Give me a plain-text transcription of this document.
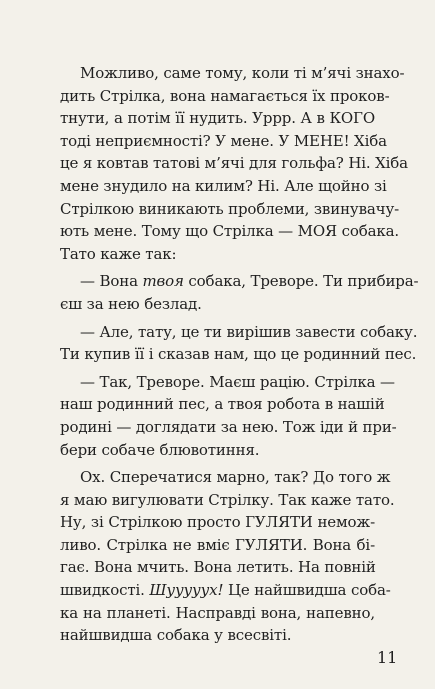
Можливо, саме тому, коли ті м’ячі знахо-
дить Стрілка, вона намагається їх проков-
тнути, а потім її нудить. Уррр. А в КОГО
тоді неприємності? У мене. У МЕНЕ! Хіба
це я ковтав татові м’ячі для гольфа? Ні. Хіба
мене знудило на килим? Ні. Але щойно зі
Стрілкою виникають проблеми, звинувачу-
ють мене. Тому що Стрілка — МОЯ собака.
Тато каже так:
— Вона твоя собака, Треворе. Ти прибира-
єш за нею безлад.
— Але, тату, це ти вирішив завести собаку.
Ти купив її і сказав нам, що це родинний пес.
— Так, Треворе. Маєш рацію. Стрілка —
наш родинний пес, а твоя робота в нашій
родині — доглядати за нею. Тож іди й при-
бери собаче блювотиння.
Ох. Сперечатися марно, так? До того ж
я маю вигулювати Стрілку. Так каже тато.
Ну, зі Стрілкою просто ГУЛЯТИ немож-
ливо. Стрілка не вміє ГУЛЯТИ. Вона бі-
гає. Вона мчить. Вона летить. На повній
швидкості. Шууууух! Це найшвидша соба-
ка на планеті. Насправді вона, напевно,
найшвидша собака у всесвіті.
11
